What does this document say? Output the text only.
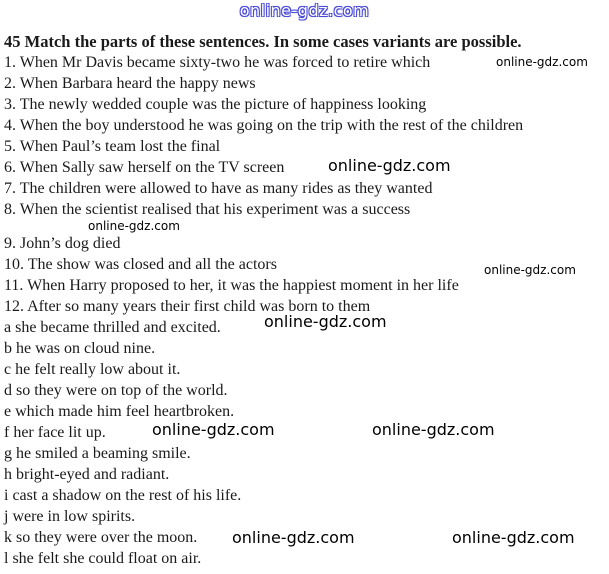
online-gdz.com
45 Match the parts of these sentences. In some cases variants are possible.
1. When Mr Davis became sixty-two he was forced to retire which
2. When Barbara heard the happy news
3. The newly wedded couple was the picture of happiness looking
4. When the boy understood he was going on the trip with the rest of the children
5. When Paul’s team lost the final
6. When Sally saw herself on the TV screen
7. The children were allowed to have as many rides as they wanted
8. When the scientist realised that his experiment was a success
9. John’s dog died
10. The show was closed and all the actors
11. When Harry proposed to her, it was the happiest moment in her life
12. After so many years their first child was born to them
a she became thrilled and excited.
b he was on cloud nine.
c he felt really low about it.
d so they were on top of the world.
e which made him feel heartbroken.
f her face lit up.
g he smiled a beaming smile.
h bright-eyed and radiant.
i cast a shadow on the rest of his life.
j were in low spirits.
k so they were over the moon.
l she felt she could float on air.
online-gdz.com
online-gdz.com
online-gdz.com
online-gdz.com
online-gdz.com
online-gdz.com	online-gdz.com
online-gdz.com	online-gdz.com
